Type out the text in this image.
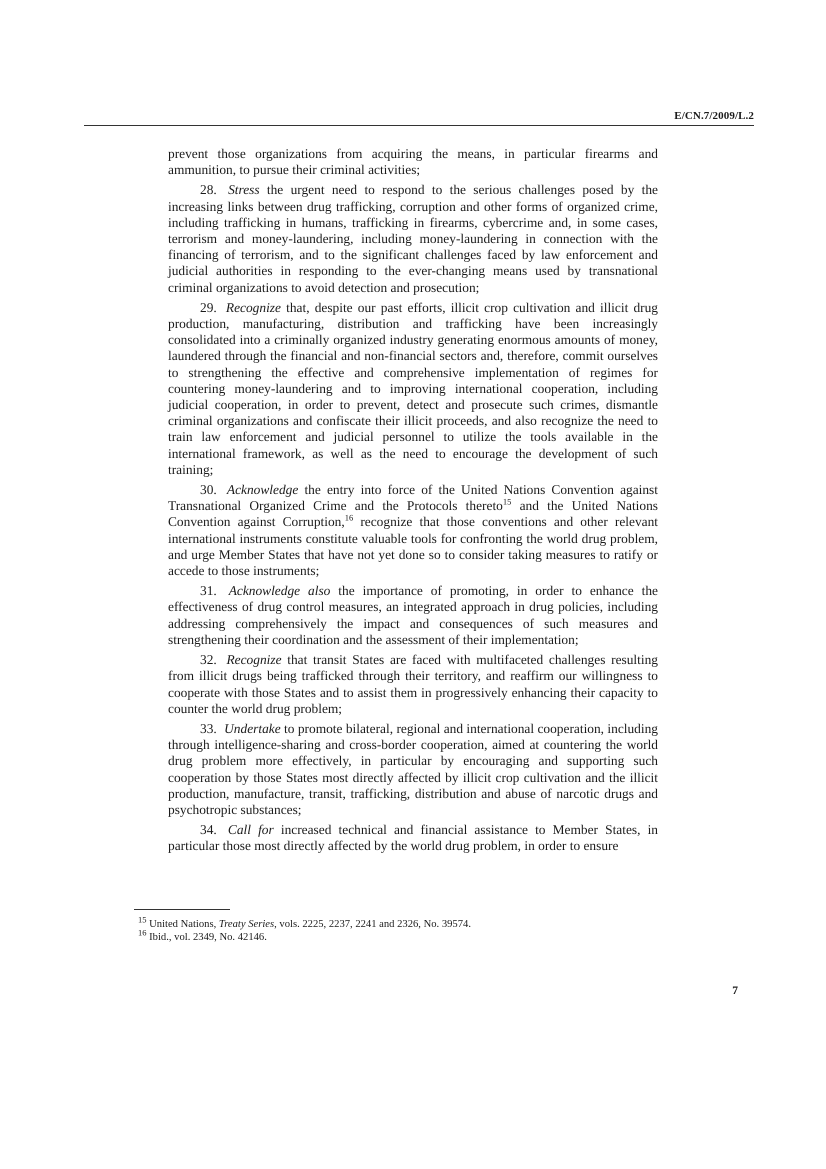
E/CN.7/2009/L.2

prevent those organizations from acquiring the means, in particular firearms and ammunition, to pursue their criminal activities;

28. Stress the urgent need to respond to the serious challenges posed by the increasing links between drug trafficking, corruption and other forms of organized crime, including trafficking in humans, trafficking in firearms, cybercrime and, in some cases, terrorism and money-laundering, including money-laundering in connection with the financing of terrorism, and to the significant challenges faced by law enforcement and judicial authorities in responding to the ever-changing means used by transnational criminal organizations to avoid detection and prosecution;

29. Recognize that, despite our past efforts, illicit crop cultivation and illicit drug production, manufacturing, distribution and trafficking have been increasingly consolidated into a criminally organized industry generating enormous amounts of money, laundered through the financial and non-financial sectors and, therefore, commit ourselves to strengthening the effective and comprehensive implementation of regimes for countering money-laundering and to improving international cooperation, including judicial cooperation, in order to prevent, detect and prosecute such crimes, dismantle criminal organizations and confiscate their illicit proceeds, and also recognize the need to train law enforcement and judicial personnel to utilize the tools available in the international framework, as well as the need to encourage the development of such training;

30. Acknowledge the entry into force of the United Nations Convention against Transnational Organized Crime and the Protocols thereto$^{15}$ and the United Nations Convention against Corruption,$^{16}$ recognize that those conventions and other relevant international instruments constitute valuable tools for confronting the world drug problem, and urge Member States that have not yet done so to consider taking measures to ratify or accede to those instruments;

31. Acknowledge also the importance of promoting, in order to enhance the effectiveness of drug control measures, an integrated approach in drug policies, including addressing comprehensively the impact and consequences of such measures and strengthening their coordination and the assessment of their implementation;

32. Recognize that transit States are faced with multifaceted challenges resulting from illicit drugs being trafficked through their territory, and reaffirm our willingness to cooperate with those States and to assist them in progressively enhancing their capacity to counter the world drug problem;

33. Undertake to promote bilateral, regional and international cooperation, including through intelligence-sharing and cross-border cooperation, aimed at countering the world drug problem more effectively, in particular by encouraging and supporting such cooperation by those States most directly affected by illicit crop cultivation and the illicit production, manufacture, transit, trafficking, distribution and abuse of narcotic drugs and psychotropic substances;

34. Call for increased technical and financial assistance to Member States, in particular those most directly affected by the world drug problem, in order to ensure

$^{15}$ United Nations, Treaty Series, vols. 2225, 2237, 2241 and 2326, No. 39574.

$^{16}$ Ibid., vol. 2349, No. 42146.

7
